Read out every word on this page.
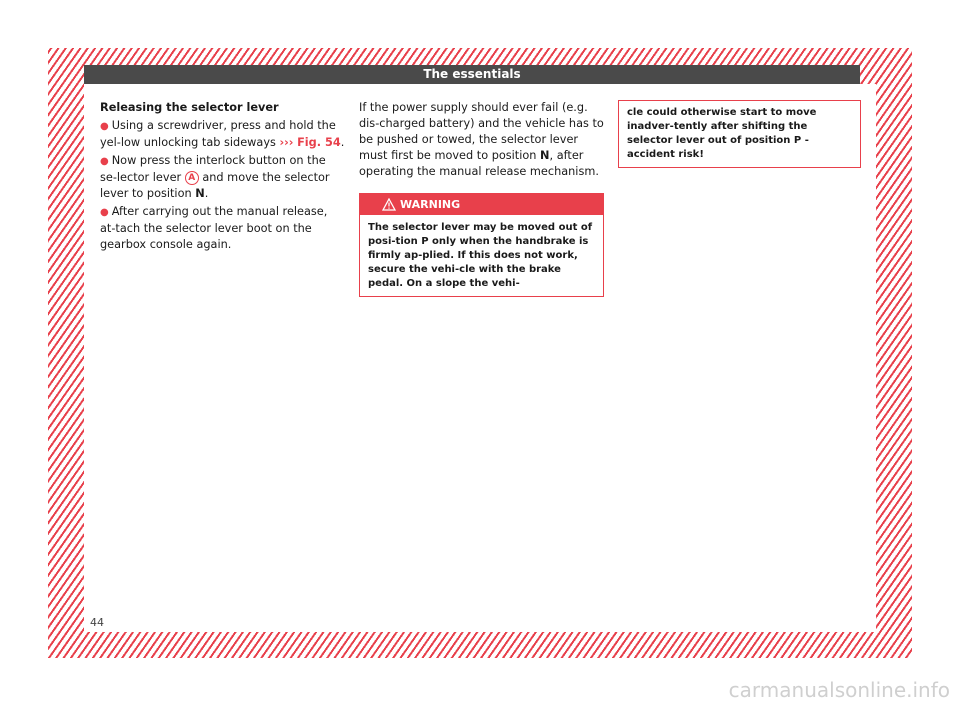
The essentials

Releasing the selector lever

● Using a screwdriver, press and hold the yel-low unlocking tab sideways ››› Fig. 54.

● Now press the interlock button on the se-lector lever A and move the selector lever to position N.

● After carrying out the manual release, at-tach the selector lever boot on the gearbox console again.

If the power supply should ever fail (e.g. dis-charged battery) and the vehicle has to be pushed or towed, the selector lever must first be moved to position N, after operating the manual release mechanism.

WARNING
The selector lever may be moved out of posi-tion P only when the handbrake is firmly ap-plied. If this does not work, secure the vehi-cle with the brake pedal. On a slope the vehi-
cle could otherwise start to move inadver-tently after shifting the selector lever out of position P - accident risk!
44
carmanualsonline.info
